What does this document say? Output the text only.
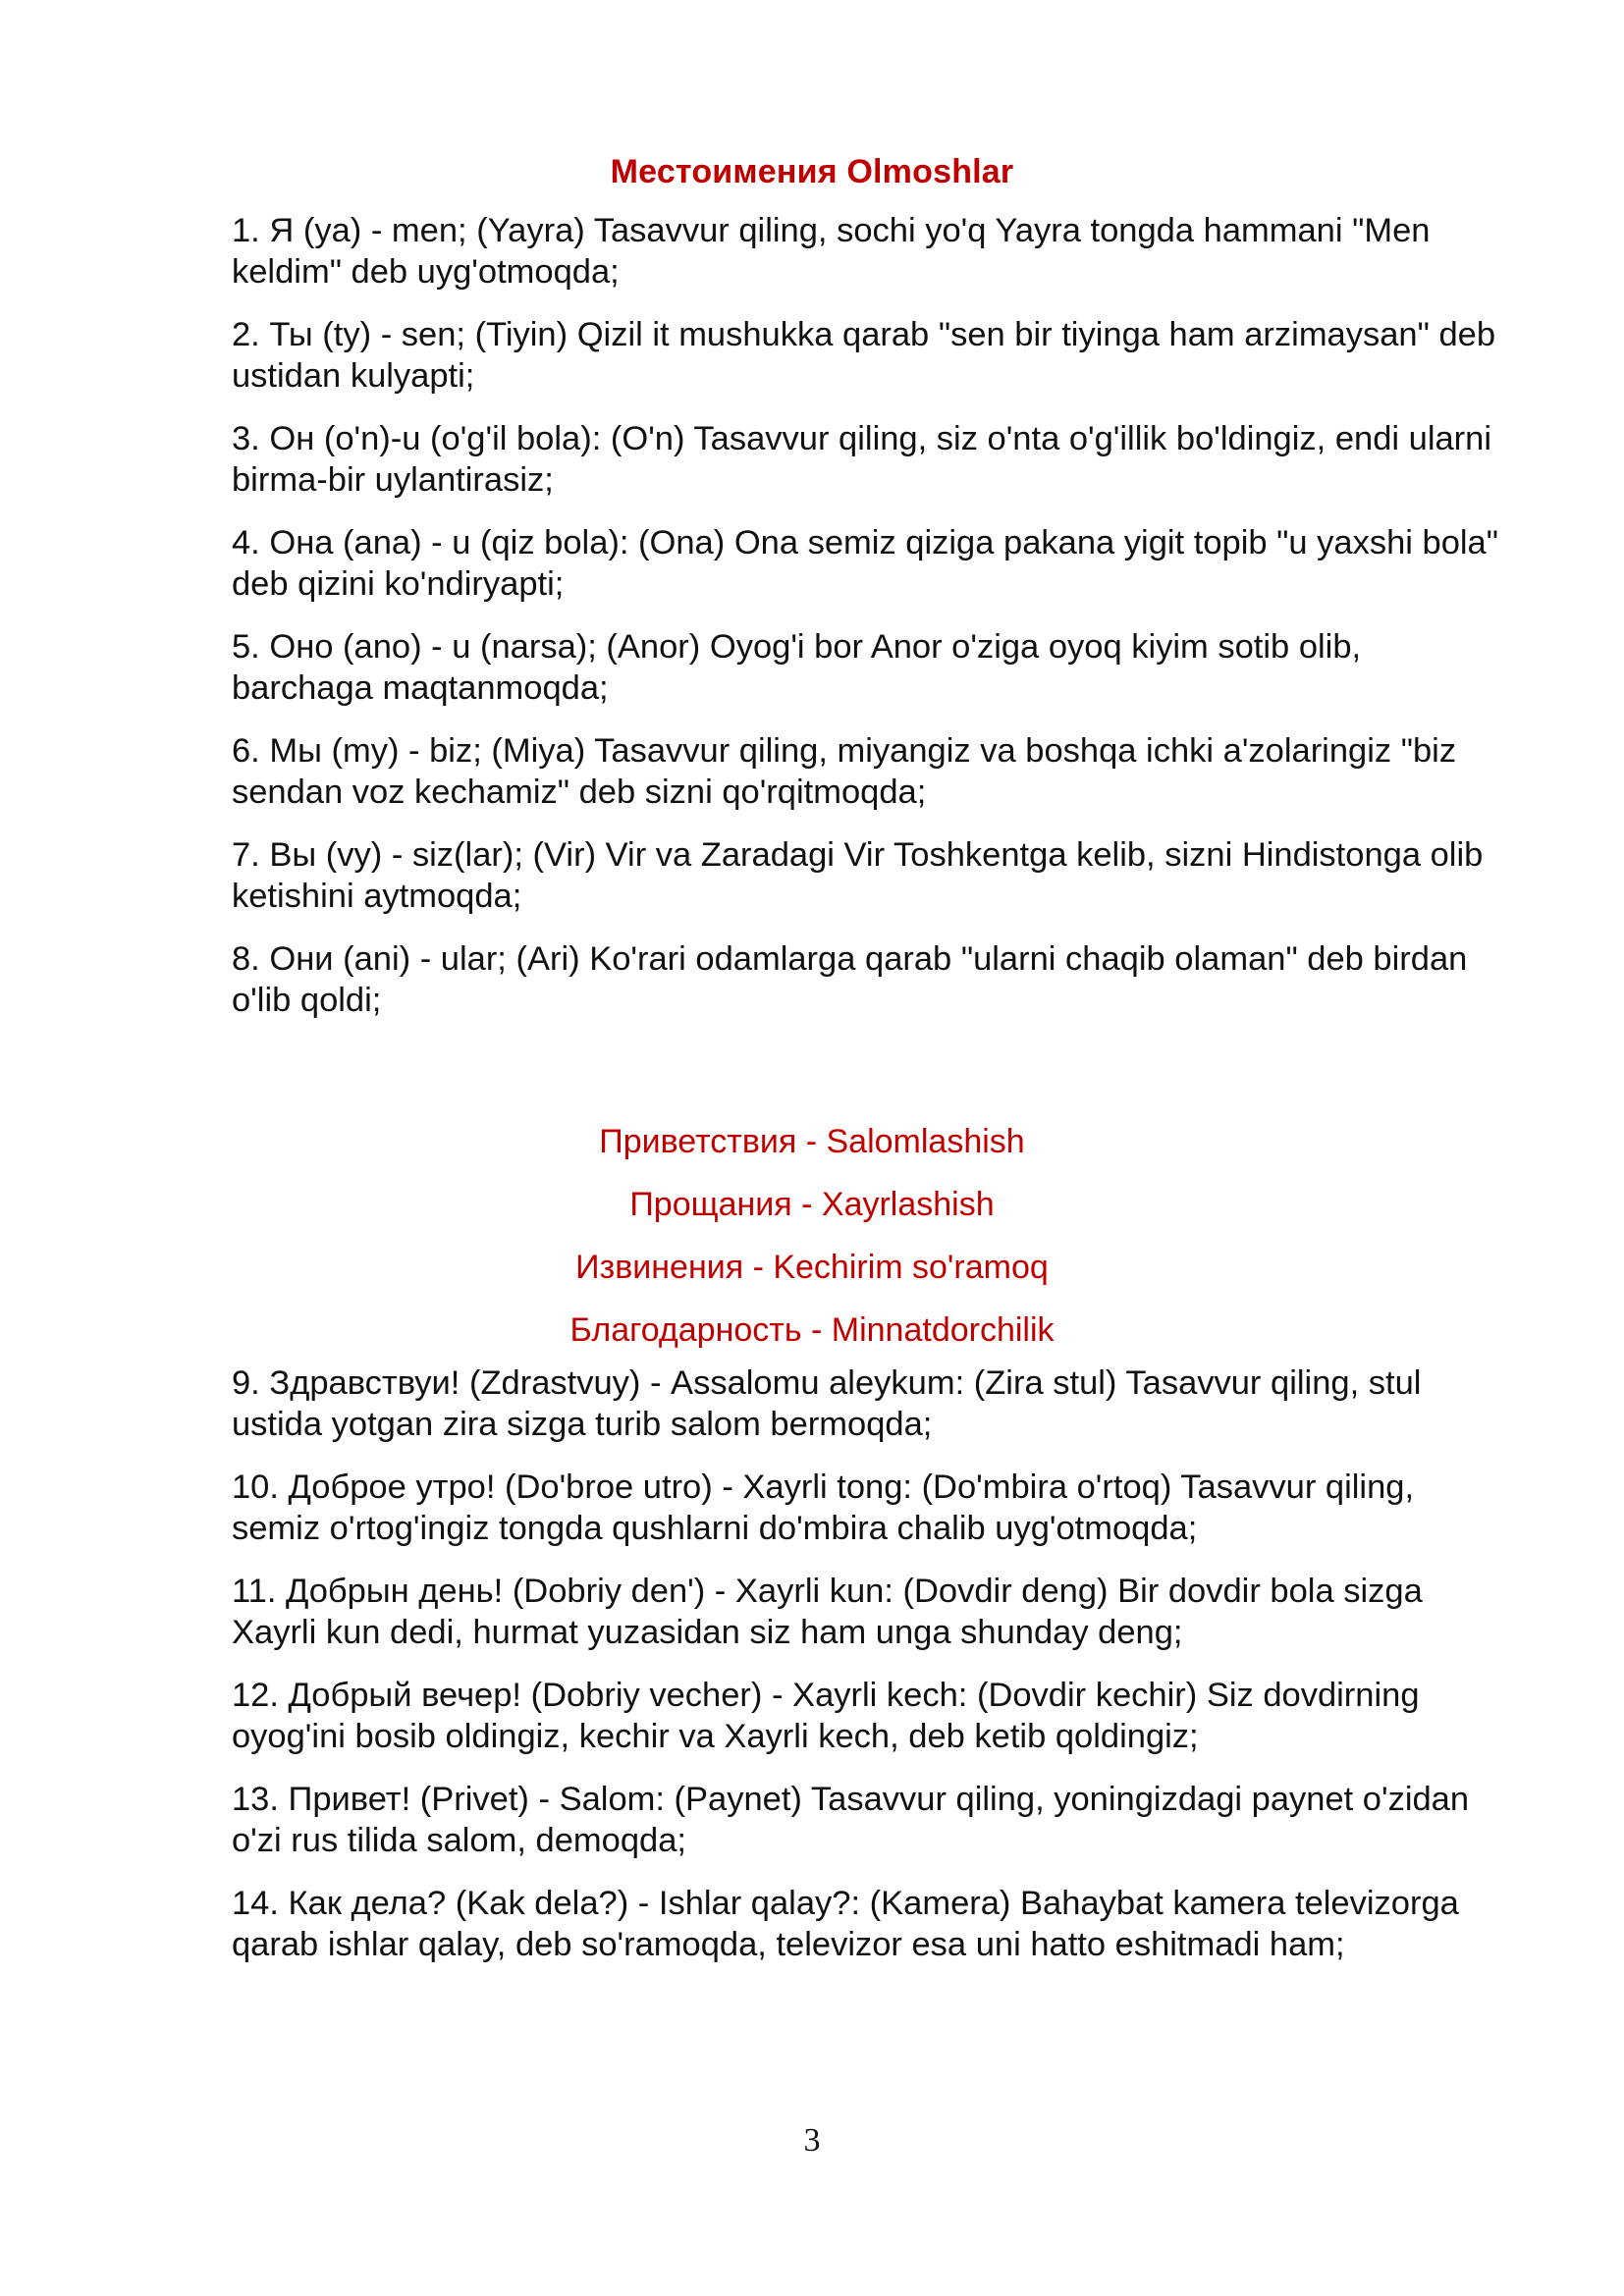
Местоимения Olmoshlar

1. Я (ya) - men; (Yayra) Tasavvur qiling, sochi yo'q Yayra tongda hammani "Men keldim" deb uyg'otmoqda;

2. Ты (ty) - sen; (Tiyin) Qizil it mushukka qarab "sen bir tiyinga ham arzimaysan" deb ustidan kulyapti;

3. Он (o'n)-u (o'g'il bola): (O'n) Tasavvur qiling, siz o'nta o'g'illik bo'ldingiz, endi ularni birma-bir uylantirasiz;

4. Она (ana) - u (qiz bola): (Ona) Ona semiz qiziga pakana yigit topib "u yaxshi bola" deb qizini ko'ndiryapti;

5. Оно (ano) - u (narsa); (Anor) Oyog'i bor Anor o'ziga oyoq kiyim sotib olib, barchaga maqtanmoqda;

6. Мы (my) - biz; (Miya) Tasavvur qiling, miyangiz va boshqa ichki a'zolaringiz "biz sendan voz kechamiz" deb sizni qo'rqitmoqda;

7. Вы (vy) - siz(lar); (Vir) Vir va Zaradagi Vir Toshkentga kelib, sizni Hindistonga olib ketishini aytmoqda;

8. Они (ani) - ular; (Ari) Ko'rari odamlarga qarab "ularni chaqib olaman" deb birdan o'lib qoldi;

Приветствия - Salomlashish
Прощания - Xayrlashish
Извинения - Kechirim so'ramoq
Благодарность - Minnatdorchilik

9. Здравствуи! (Zdrastvuy) - Assalomu aleykum: (Zira stul) Tasavvur qiling, stul ustida yotgan zira sizga turib salom bermoqda;

10. Доброе утро! (Do'broe utro) - Xayrli tong: (Do'mbira o'rtoq) Tasavvur qiling, semiz o'rtog'ingiz tongda qushlarni do'mbira chalib uyg'otmoqda;

11. Добрын день! (Dobriy den') - Xayrli kun: (Dovdir deng) Bir dovdir bola sizga Xayrli kun dedi, hurmat yuzasidan siz ham unga shunday deng;

12. Добрый вечер! (Dobriy vecher) - Xayrli kech: (Dovdir kechir) Siz dovdirning oyog'ini bosib oldingiz, kechir va Xayrli kech, deb ketib qoldingiz;

13. Привет! (Privet) - Salom: (Paynet) Tasavvur qiling, yoningizdagi paynet o'zidan o'zi rus tilida salom, demoqda;

14. Как дела? (Kak dela?) - Ishlar qalay?: (Kamera) Bahaybat kamera televizorga qarab ishlar qalay, deb so'ramoqda, televizor esa uni hatto eshitmadi ham;

3
